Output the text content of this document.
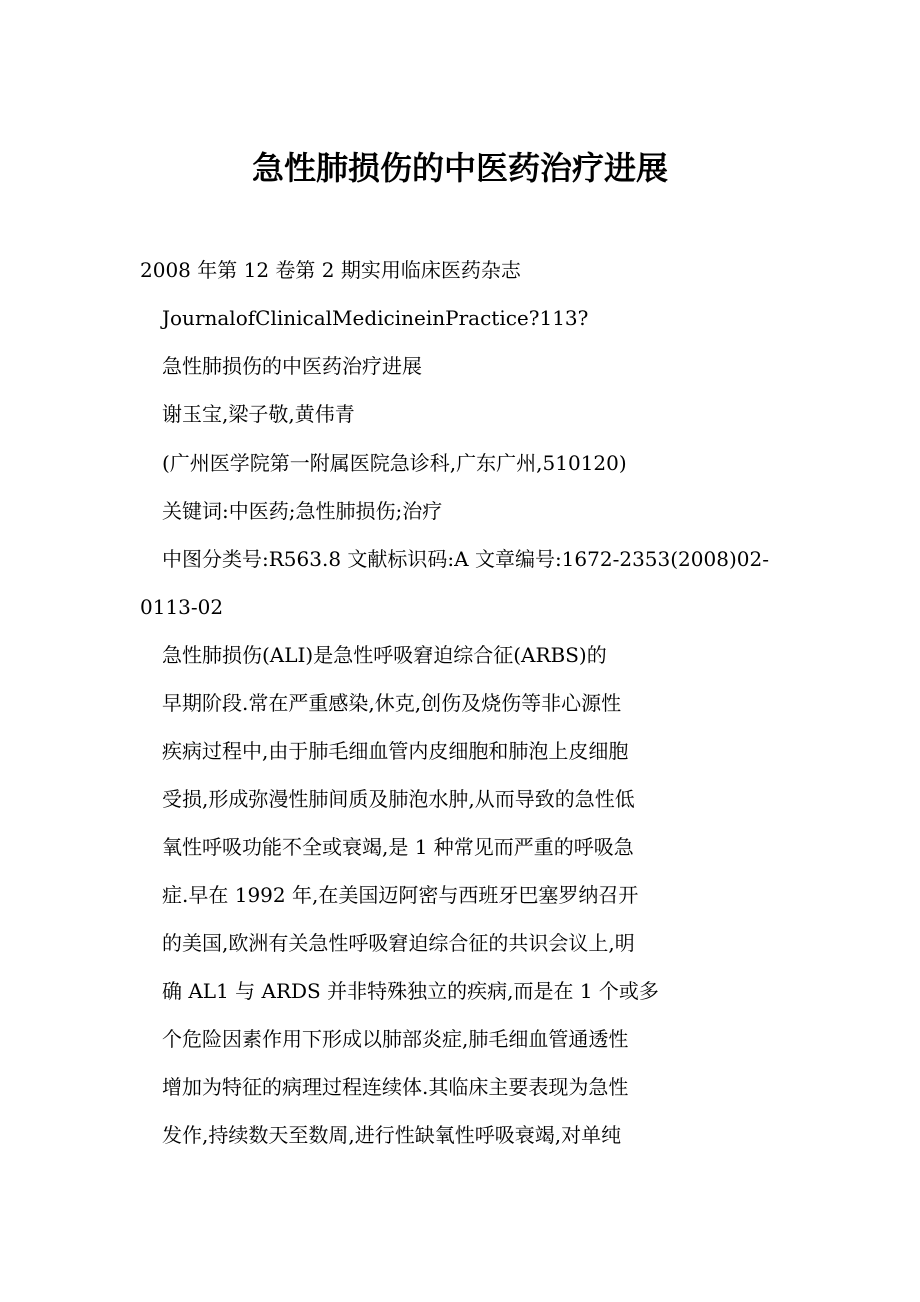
急性肺损伤的中医药治疗进展
2008 年第 12 卷第 2 期实用临床医药杂志
JournalofClinicalMedicineinPractice?113?
急性肺损伤的中医药治疗进展
谢玉宝,梁子敬,黄伟青
(广州医学院第一附属医院急诊科,广东广州,510120)
关键词:中医药;急性肺损伤;治疗
中图分类号:R563.8 文献标识码:A 文章编号:1672-2353(2008)02-
0113-02
急性肺损伤(ALI)是急性呼吸窘迫综合征(ARBS)的
早期阶段.常在严重感染,休克,创伤及烧伤等非心源性
疾病过程中,由于肺毛细血管内皮细胞和肺泡上皮细胞
受损,形成弥漫性肺间质及肺泡水肿,从而导致的急性低
氧性呼吸功能不全或衰竭,是 1 种常见而严重的呼吸急
症.早在 1992 年,在美国迈阿密与西班牙巴塞罗纳召开
的美国,欧洲有关急性呼吸窘迫综合征的共识会议上,明
确 AL1 与 ARDS 并非特殊独立的疾病,而是在 1 个或多
个危险因素作用下形成以肺部炎症,肺毛细血管通透性
增加为特征的病理过程连续体.其临床主要表现为急性
发作,持续数天至数周,进行性缺氧性呼吸衰竭,对单纯
